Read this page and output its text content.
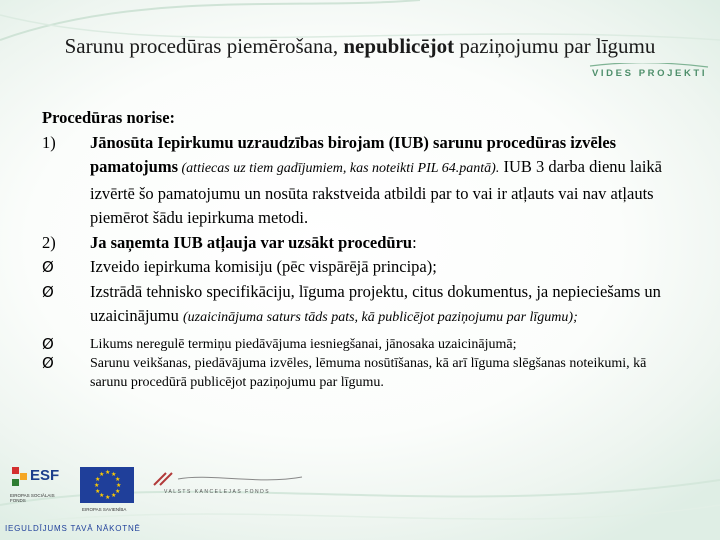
Sarunu procedūras piemērošana, nepublicējot paziņojumu par līgumu
VIDES PROJEKTI
Procedūras norise:
1)	Jānosūta Iepirkumu uzraudzības birojam (IUB) sarunu procedūras izvēles pamatojums (attiecas uz tiem gadījumiem, kas noteikti PIL 64.pantā). IUB 3 darba dienu laikā izvērtē šo pamatojumu un nosūta rakstveida atbildi par to vai ir atļauts vai nav atļauts piemērot šādu iepirkuma metodi.
2)	Ja saņemta IUB atļauja var uzsākt procedūru:
Ø	Izveido iepirkuma komisiju (pēc vispārējā principa);
Ø	Izstrādā tehnisko specifikāciju, līguma projektu, citus dokumentus, ja nepieciešams un uzaicinājumu (uzaicinājuma saturs tāds pats, kā publicējot paziņojumu par līgumu);
Ø	Likums neregulē termiņu piedāvājuma iesniegšanai, jānosaka uzaicinājumā;
Ø	Sarunu veikšanas, piedāvājuma izvēles, lēmuma nosūtīšanas, kā arī līguma slēgšanas noteikumi, kā sarunu procedūrā publicējot paziņojumu par līgumu.
ESF
EIROPAS SOCIĀLAIS FONDS
★ ★
★
★
★
★
★
★
★
★
★
★
EIROPAS SAVIENĪBA
VALSTS KANCELEJAS FONDS
IEGULDĪJUMS TAVĀ NĀKOTNĒ
